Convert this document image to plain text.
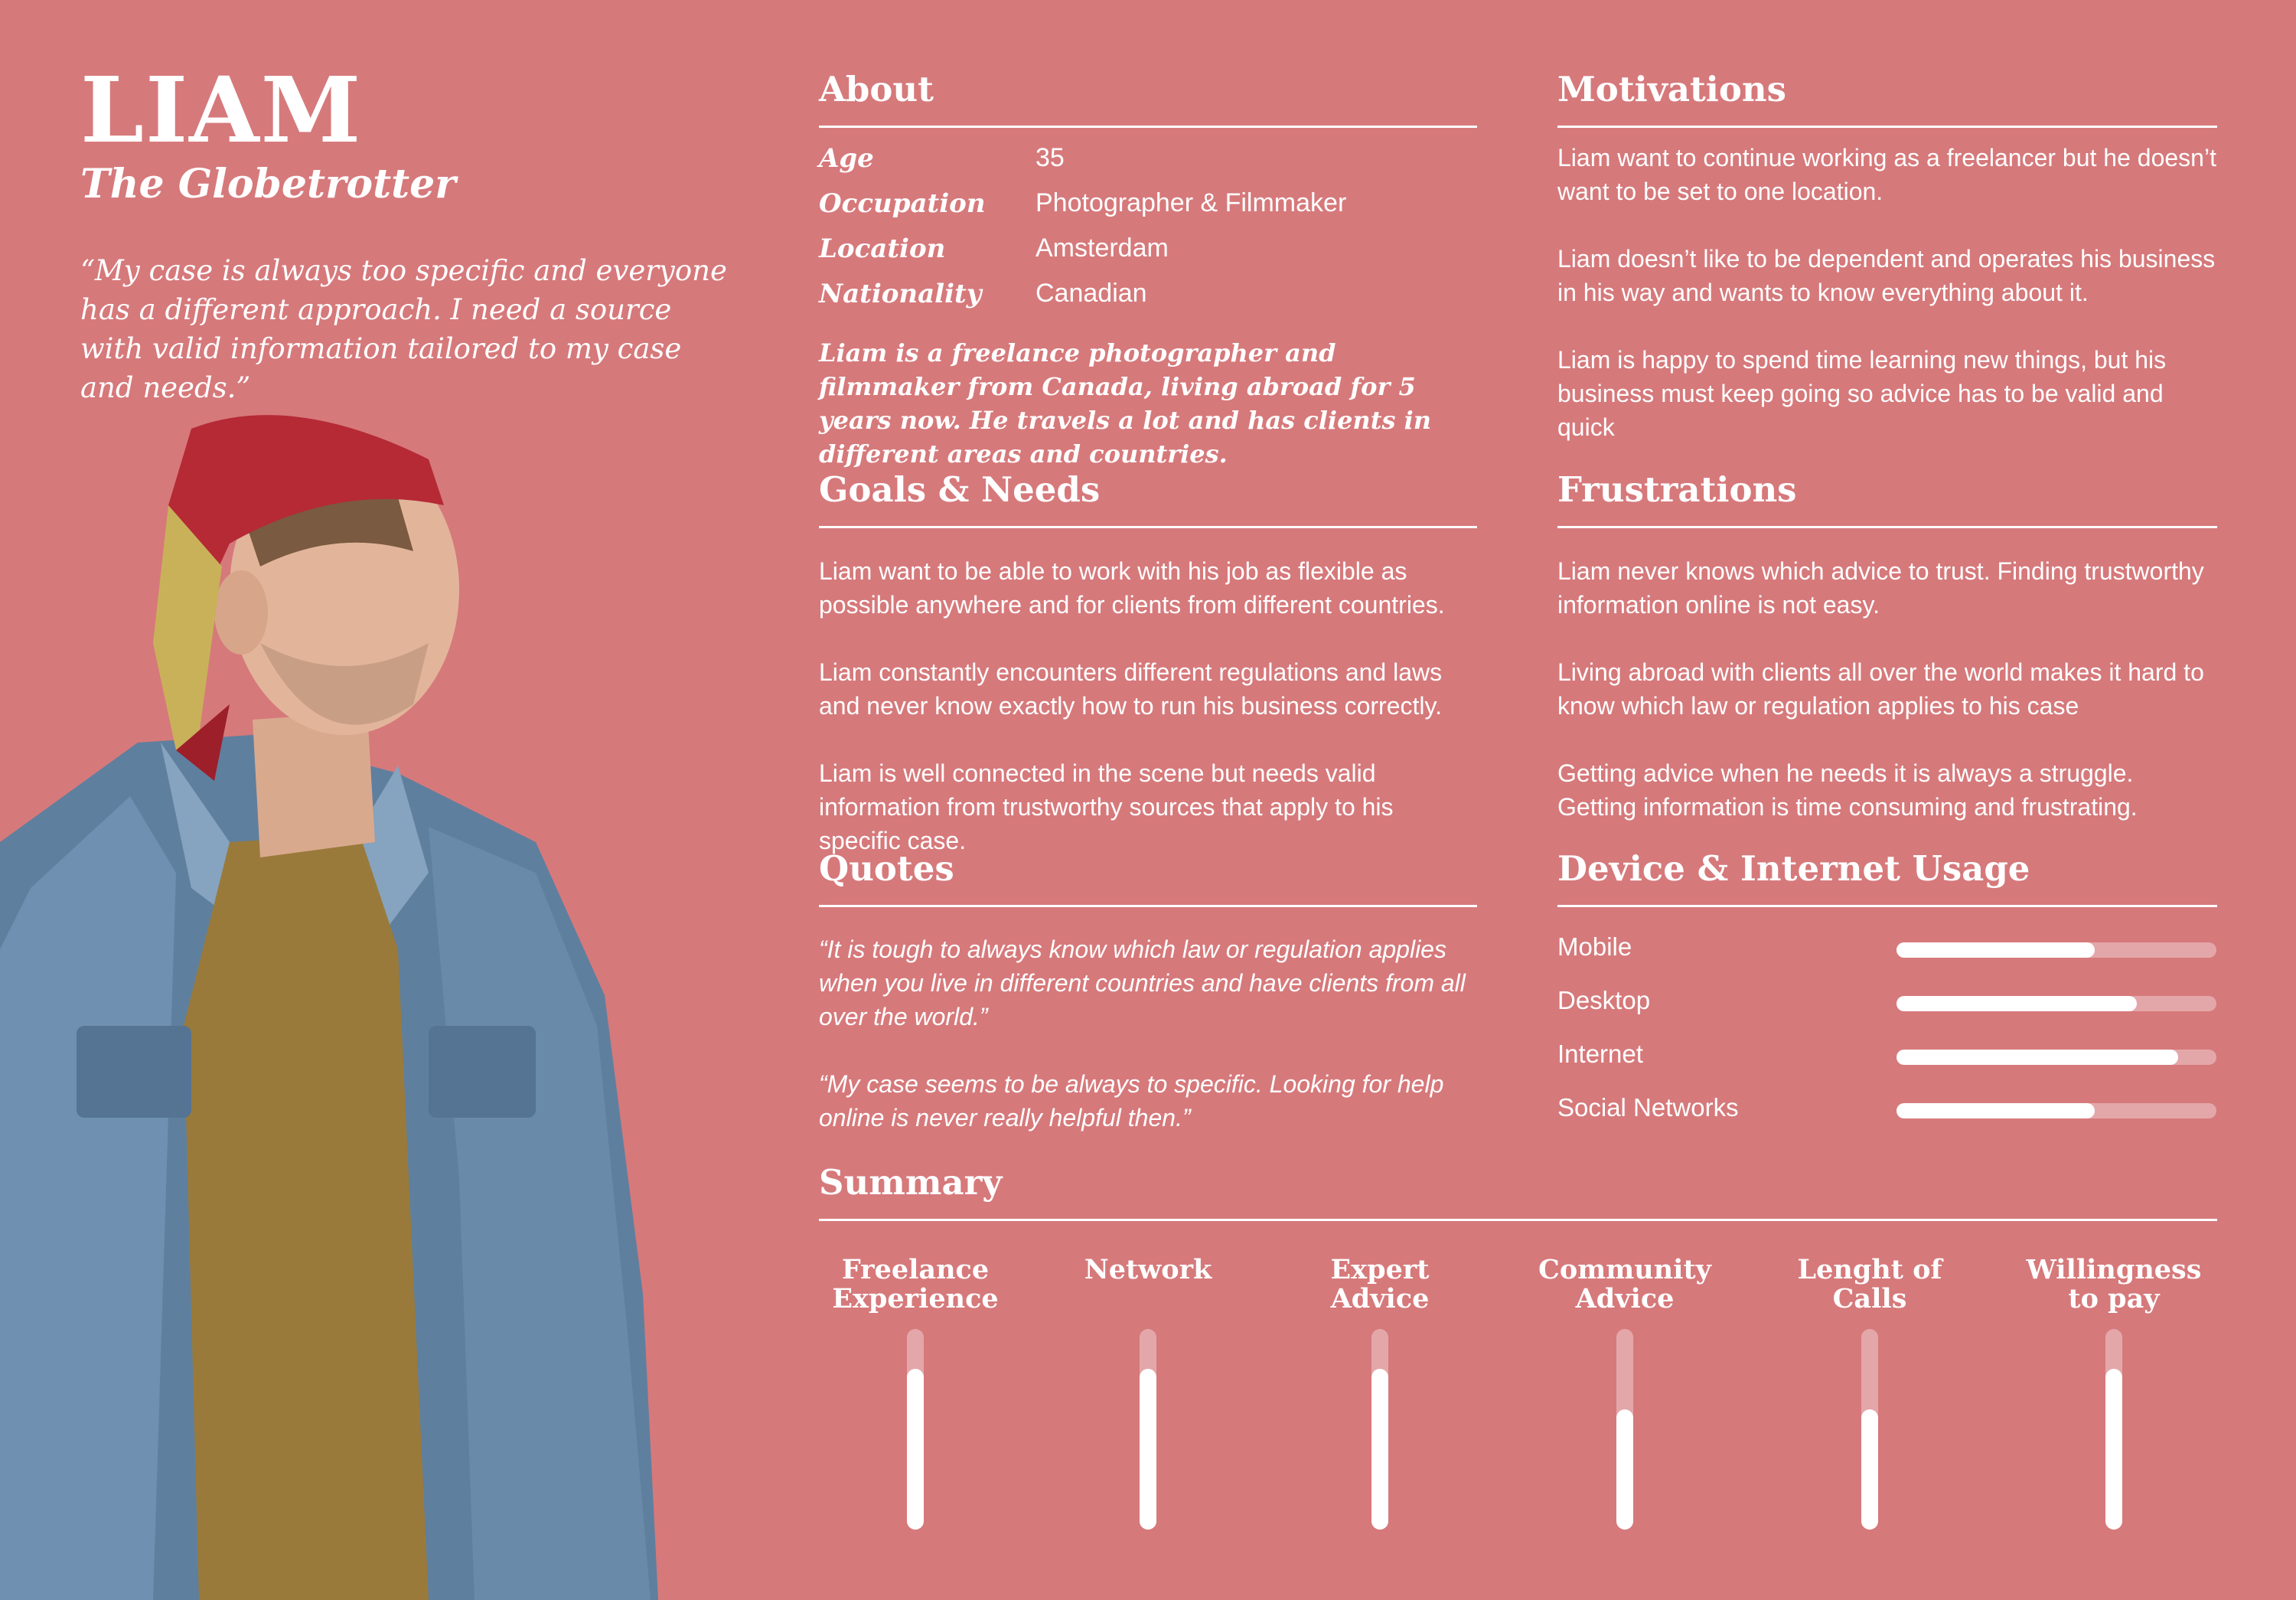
LIAM
The Globetrotter
“My case is always too specific and everyone has a different approach. I need a source with valid information tailored to my case and needs.”
About
Age	35
Occupation	Photographer & Filmmaker
Location	Amsterdam
Nationality	Canadian
Liam is a freelance photographer and filmmaker from Canada, living abroad for 5 years now. He travels a lot and has clients in different areas and countries.
Motivations

Liam want to continue working as a freelancer but he doesn’t want to be set to one location.

Liam doesn’t like to be dependent and operates his business in his way and wants to know everything about it.

Liam is happy to spend time learning new things, but his business must keep going so advice has to be valid and quick

Goals & Needs

Liam want to be able to work with his job as flexible as possible anywhere and for clients from different countries.

Liam constantly encounters different regulations and laws and never know exactly how to run his business correctly.

Liam is well connected in the scene but needs valid information from trustworthy sources that apply to his specific case.

Frustrations

Liam never knows which advice to trust. Finding trustworthy information online is not easy.

Living abroad with clients all over the world makes it hard to know which law or regulation applies to his case

Getting advice when he needs it is always a struggle. Getting information is time consuming and frustrating.

Quotes

“It is tough to always know which law or regulation applies when you live in different countries and have clients from all over the world.”

“My case seems to be always to specific. Looking for help online is never really helpful then.”

Device & Internet Usage
Mobile
Desktop
Internet
Social Networks
Summary
Freelance
Experience
Network	Expert
Advice
Community
Advice
Lenght of
Calls
Willingness
to pay
